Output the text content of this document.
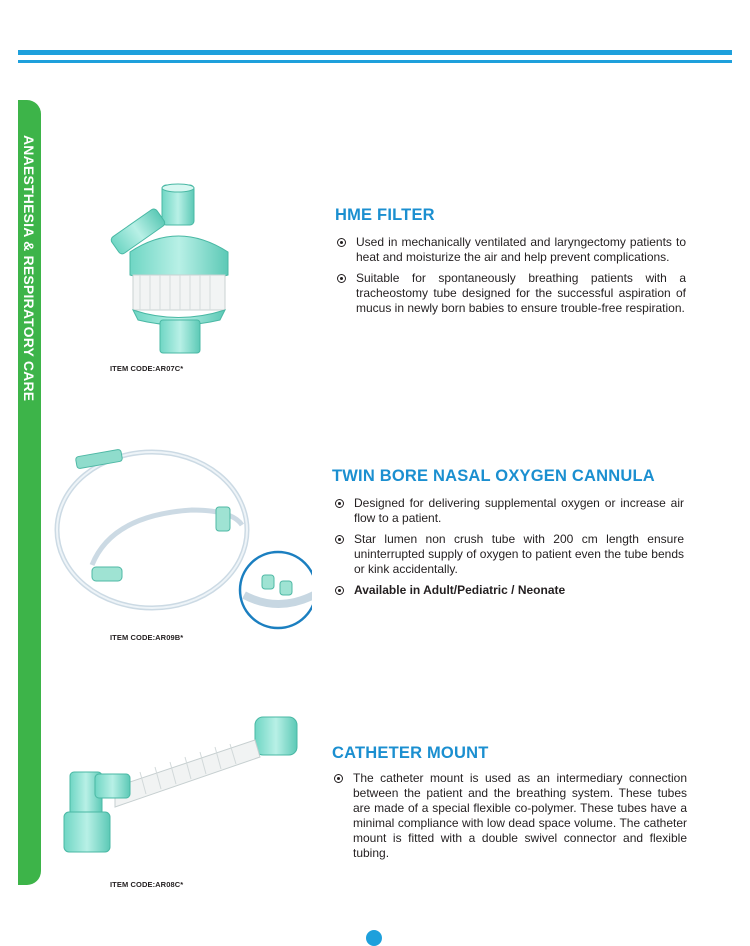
ANAESTHESIA & RESPIRATORY CARE	HME FILTER
Used in mechanically ventilated and laryngectomy patients to heat and moisturize the air and help prevent complications.
Suitable for spontaneously breathing patients with a tracheostomy tube designed for the successful aspiration of mucus in newly born babies to ensure trouble-free respiration.
ITEM CODE:AR07C*
TWIN BORE NASAL OXYGEN CANNULA
Designed for delivering supplemental oxygen or increase air flow to a patient.
Star lumen non crush tube with 200 cm length ensure uninterrupted supply of oxygen to patient even the tube bends or kink accidentally.
Available in Adult/Pediatric / Neonate
ITEM CODE:AR09B*
CATHETER MOUNT
The catheter mount is used as an intermediary connection between the patient and the breathing system. These tubes are made of a special flexible co-polymer. These tubes have a minimal compliance with low dead space volume. The catheter mount is fitted with a double swivel connector and flexible tubing.
ITEM CODE:AR08C*
